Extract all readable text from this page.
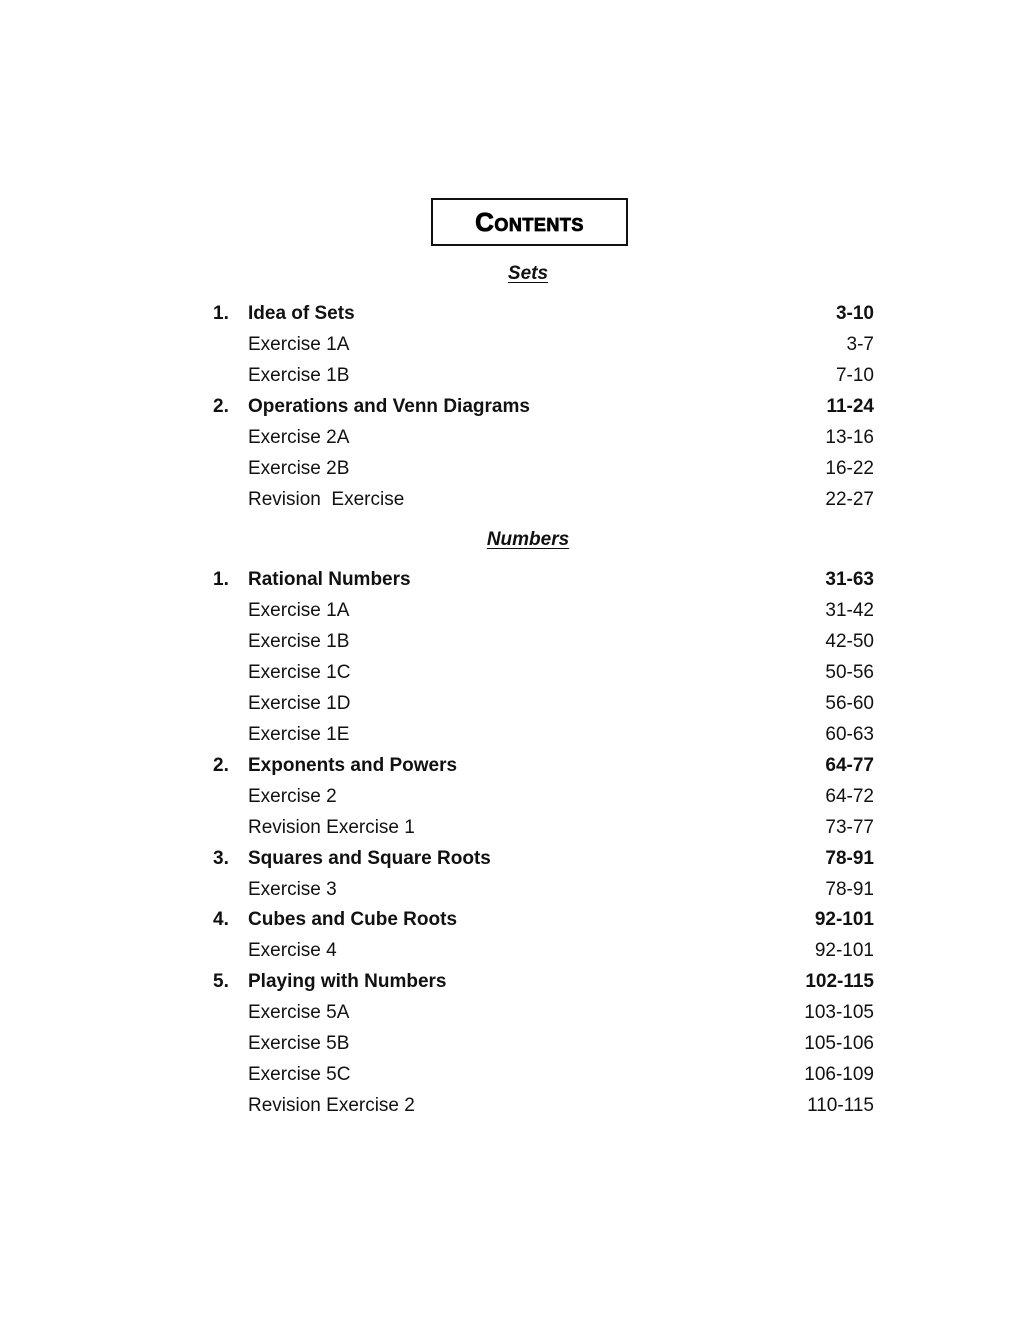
Contents
Sets
1. Idea of Sets	3-10
Exercise 1A	3-7
Exercise 1B	7-10
2. Operations and Venn Diagrams	11-24
Exercise 2A	13-16
Exercise 2B	16-22
Revision  Exercise	22-27
Numbers
1. Rational Numbers	31-63
Exercise 1A	31-42
Exercise 1B	42-50
Exercise 1C	50-56
Exercise 1D	56-60
Exercise 1E	60-63
2. Exponents and Powers	64-77
Exercise 2	64-72
Revision Exercise 1	73-77
3. Squares and Square Roots	78-91
Exercise 3	78-91
4. Cubes and Cube Roots	92-101
Exercise 4	92-101
5. Playing with Numbers	102-115
Exercise 5A	103-105
Exercise 5B	105-106
Exercise 5C	106-109
Revision Exercise 2	110-115
